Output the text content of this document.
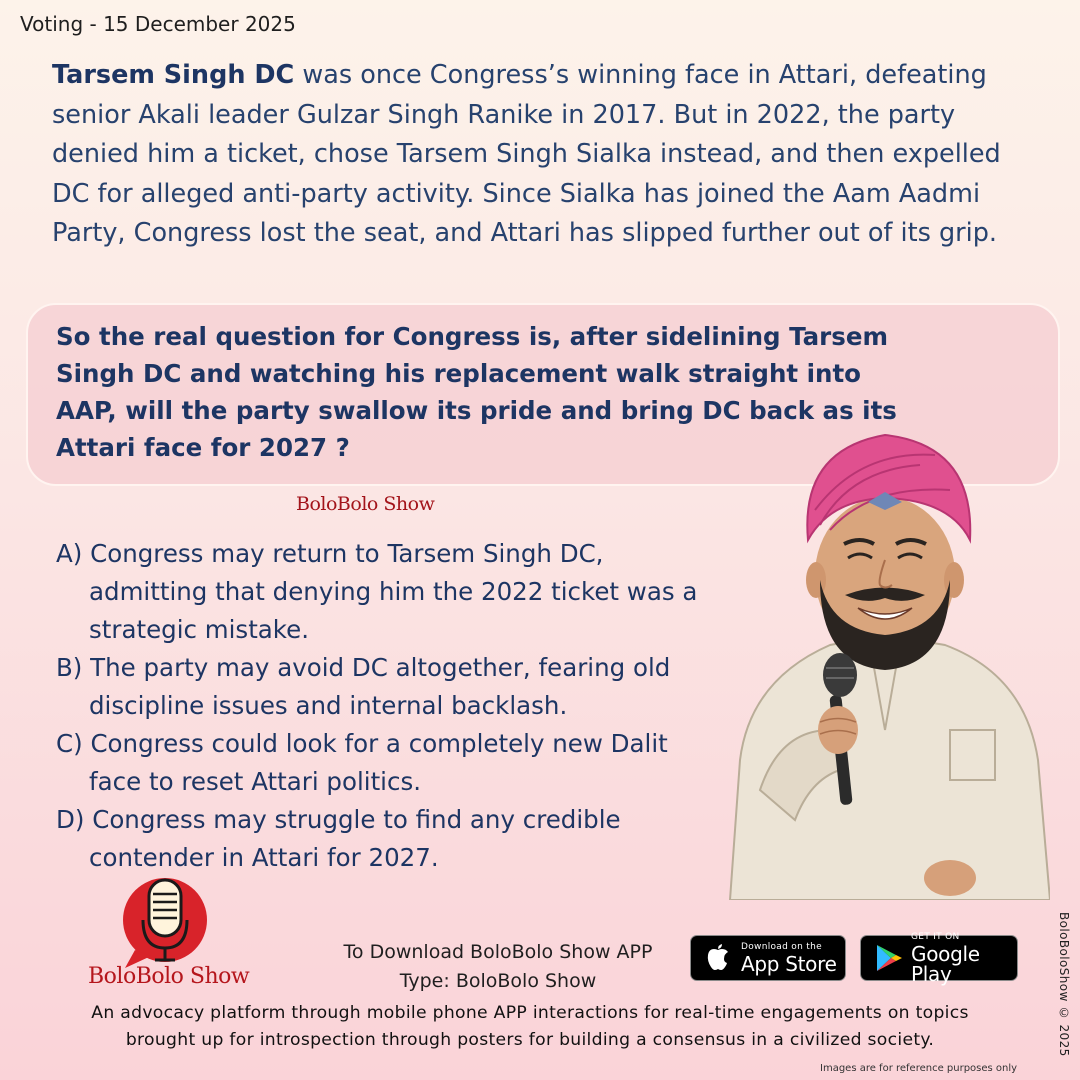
Voting - 15 December 2025
Tarsem Singh DC was once Congress’s winning face in Attari, defeating senior Akali leader Gulzar Singh Ranike in 2017. But in 2022, the party denied him a ticket, chose Tarsem Singh Sialka instead, and then expelled DC for alleged anti-party activity. Since Sialka has joined the Aam Aadmi Party, Congress lost the seat, and Attari has slipped further out of its grip.
So the real question for Congress is, after sidelining Tarsem Singh DC and watching his replacement walk straight into AAP, will the party swallow its pride and bring DC back as its Attari face for 2027 ?
BoloBolo Show
A) Congress may return to Tarsem Singh DC,
admitting that denying him the 2022 ticket was a strategic mistake.
B) The party may avoid DC altogether, fearing old
discipline issues and internal backlash.
C) Congress could look for a completely new Dalit
face to reset Attari politics.
D) Congress may struggle to find any credible
contender in Attari for 2027.
BoloBolo Show
To Download BoloBolo Show APP
Type: BoloBolo Show
Download on the
App Store
GET IT ON
Google Play
An advocacy platform through mobile phone APP interactions for real-time engagements on topics
brought up for introspection through posters for building a consensus in a civilized society.	BoloBoloShow © 2025
Images are for reference purposes only
